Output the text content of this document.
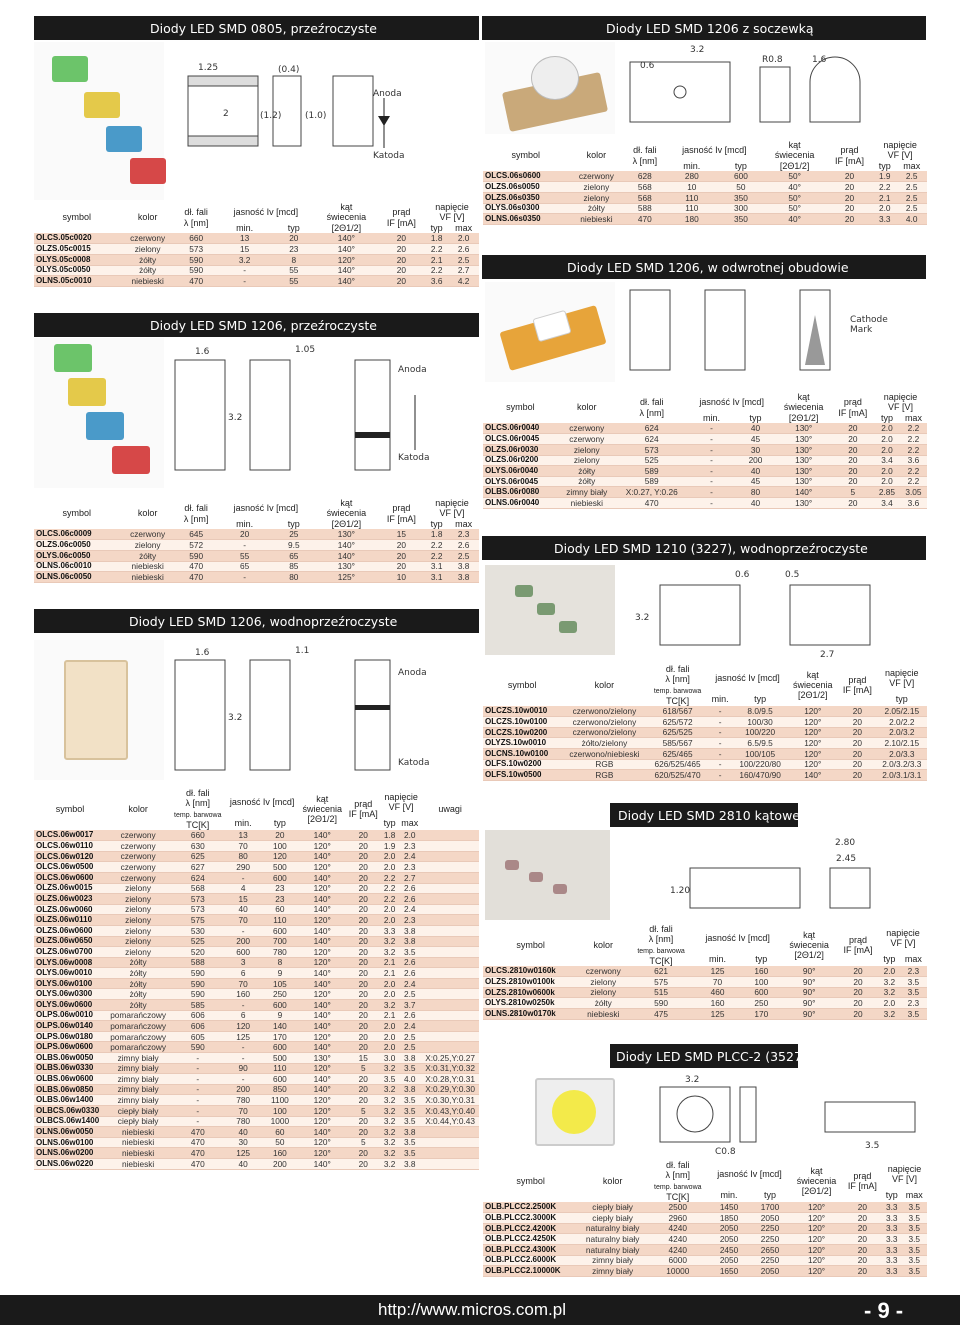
Diody LED SMD 0805, przeźroczyste
1.25
2
(0.4)
(1.2)	(1.0)
Anoda
Katoda
symbol	kolor	dł. fali
λ [nm]	jasność Iv [mcd]		kąt
świecenia
[2Θ1/2]	prąd
IF [mA]	napięcie
VF [V]	
			min.	typ			typ	max
OLCS.05c0020	czerwony	660	13	20	140°	20	1.8	2.0
OLZS.05c0015	zielony	573	15	23	140°	20	2.2	2.6
OLYS.05c0008	żółty	590	3.2	8	120°	20	2.1	2.5
OLYS.05c0050	żółty	590	-	55	140°	20	2.2	2.7
OLNS.05c0010	niebieski	470	-	55	140°	20	3.6	4.2
Diody LED SMD 1206, przeźroczyste
1.6	1.05
Anoda
Katoda
3.2
symbol	kolor	dł. fali
λ [nm]	jasność Iv [mcd]		kąt
świecenia
[2Θ1/2]	prąd
IF [mA]	napięcie
VF [V]	
			min.	typ			typ	max
OLCS.06c0009	czerwony	645	20	25	130°	15	1.8	2.3
OLZS.06c0050	zielony	572	-	9.5	140°	20	2.2	2.6
OLYS.06c0050	żółty	590	55	65	140°	20	2.2	2.5
OLNS.06c0010	niebieski	470	65	85	130°	20	3.1	3.8
OLNS.06c0050	niebieski	470	-	80	125°	10	3.1	3.8
Diody LED SMD 1206, wodnoprzeźroczyste
1.6	1.1
Anoda
Katoda
3.2
symbol	kolor	dł. fali
λ [nm]
temp. barwowa
TC[K]	jasność Iv [mcd]		kąt
świecenia
[2Θ1/2]	prąd
IF [mA]	napięcie
VF [V]		uwagi
			min.	typ			typ	max	
OLCS.06w0017	czerwony	660	13	20	140°	20	1.8	2.0	
OLCS.06w0110	czerwony	630	70	100	120°	20	1.9	2.3	
OLCS.06w0120	czerwony	625	80	120	140°	20	2.0	2.4	
OLCS.06w0500	czerwony	627	290	500	120°	20	2.0	2.3	
OLCS.06w0600	czerwony	624	-	600	140°	20	2.2	2.7	
OLZS.06w0015	zielony	568	4	23	120°	20	2.2	2.6	
OLZS.06w0023	zielony	573	15	23	140°	20	2.2	2.6	
OLZS.06w0060	zielony	573	40	60	140°	20	2.0	2.4	
OLZS.06w0110	zielony	575	70	110	120°	20	2.0	2.3	
OLZS.06w0600	zielony	530	-	600	140°	20	3.3	3.8	
OLZS.06w0650	zielony	525	200	700	140°	20	3.2	3.8	
OLZS.06w0700	zielony	520	600	780	120°	20	3.2	3.5	
OLYS.06w0008	żółty	588	3	8	120°	20	2.1	2.6	
OLYS.06w0010	żółty	590	6	9	140°	20	2.1	2.6	
OLYS.06w0100	żółty	590	70	105	140°	20	2.0	2.4	
OLYS.06w0300	żółty	590	160	250	120°	20	2.0	2.5	
OLYS.06w0600	żółty	585	-	600	140°	20	3.2	3.7	
OLPS.06w0010	pomarańczowy	606	6	9	140°	20	2.1	2.6	
OLPS.06w0140	pomarańczowy	606	120	140	140°	20	2.0	2.4	
OLPS.06w0180	pomarańczowy	605	125	170	120°	20	2.0	2.5	
OLPS.06w0600	pomarańczowy	590	-	600	140°	20	2.0	2.5	
OLBS.06w0050	zimny biały	-	-	500	130°	15	3.0	3.8	X:0.25,Y:0.27
OLBS.06w0330	zimny biały	-	90	110	120°	5	3.2	3.5	X:0.31,Y:0.32
OLBS.06w0600	zimny biały	-	-	600	140°	20	3.5	4.0	X:0.28,Y:0.31
OLBS.06w0850	zimny biały	-	200	850	140°	20	3.2	3.8	X:0.29,Y:0.30
OLBS.06w1400	zimny biały	-	780	1100	120°	20	3.2	3.5	X:0.30,Y:0.31
OLBCS.06w0330	ciepły biały	-	70	100	120°	5	3.2	3.5	X:0.43,Y:0.40
OLBCS.06w1400	ciepły biały	-	780	1000	120°	20	3.2	3.5	X:0.44,Y:0.43
OLNS.06w0050	niebieski	470	40	60	140°	20	3.2	3.8	
OLNS.06w0100	niebieski	470	30	50	120°	5	3.2	3.5	
OLNS.06w0200	niebieski	470	125	160	120°	20	3.2	3.5	
OLNS.06w0220	niebieski	470	40	200	140°	20	3.2	3.8	
Diody LED SMD 1206 z soczewką
3.2
0.6
R0.8	1.6
symbol	kolor	dł. fali
λ [nm]	jasność Iv [mcd]		kąt
świecenia
[2Θ1/2]	prąd
IF [mA]	napięcie
VF [V]	
			min.	typ			typ	max
OLCS.06s0600	czerwony	628	280	600	50°	20	1.9	2.5
OLZS.06s0050	zielony	568	10	50	40°	20	2.2	2.5
OLZS.06s0350	zielony	568	110	350	50°	20	2.1	2.5
OLYS.06s0300	żółty	588	110	300	50°	20	2.0	2.5
OLNS.06s0350	niebieski	470	180	350	40°	20	3.3	4.0
Diody LED SMD 1206, w odwrotnej obudowie
Cathode
Mark
symbol	kolor	dł. fali
λ [nm]	jasność Iv [mcd]		kąt
świecenia
[2Θ1/2]	prąd
IF [mA]	napięcie
VF [V]	
			min.	typ			typ	max
OLCS.06r0040	czerwony	624	-	40	130°	20	2.0	2.2
OLCS.06r0045	czerwony	624	-	45	130°	20	2.0	2.2
OLZS.06r0030	zielony	573	-	30	130°	20	2.0	2.2
OLZS.06r0200	zielony	525	-	200	130°	20	3.4	3.6
OLYS.06r0040	żółty	589	-	40	130°	20	2.0	2.2
OLYS.06r0045	żółty	589	-	45	130°	20	2.0	2.2
OLBS.06r0080	zimny biały	X:0.27, Y:0.26	-	80	140°	5	2.85	3.05
OLNS.06r0040	niebieski	470	-	40	130°	20	3.4	3.6
Diody LED SMD 1210 (3227), wodnoprzeźroczyste
0.6	0.5
3.2
2.7
symbol	kolor	dł. fali
λ [nm]
temp. barwowa
TC[K]	jasność Iv [mcd]		kąt
świecenia
[2Θ1/2]	prąd
IF [mA]	napięcie
VF [V]
			min.	typ			typ
OLCZS.10w0010	czerwono/zielony	618/567	-	8.0/9.5	120°	20	2.05/2.15
OLCZS.10w0100	czerwono/zielony	625/572	-	100/30	120°	20	2.0/2.2
OLCZS.10w0200	czerwono/zielony	625/525	-	100/220	120°	20	2.0/3.2
OLYZS.10w0010	żółto/zielony	585/567	-	6.5/9.5	120°	20	2.10/2.15
OLCNS.10w0100	czerwono/niebieski	625/465	-	100/105	120°	20	2.0/3.3
OLFS.10w0200	RGB	626/525/465	-	100/220/80	120°	20	2.0/3.2/3.3
OLFS.10w0500	RGB	620/525/470	-	160/470/90	140°	20	2.0/3.1/3.1
Diody LED SMD 2810 kątowe
2.80
2.45
1.20
symbol	kolor	dł. fali
λ [nm]
temp. barwowa
TC[K]	jasność Iv [mcd]		kąt
świecenia
[2Θ1/2]	prąd
IF [mA]	napięcie
VF [V]	
			min.	typ			typ	max
OLCS.2810w0160k	czerwony	621	125	160	90°	20	2.0	2.3
OLZS.2810w0100k	zielony	575	70	100	90°	20	3.2	3.5
OLZS.2810w0600k	zielony	515	460	600	90°	20	3.2	3.5
OLYS.2810w0250k	żółty	590	160	250	90°	20	2.0	2.3
OLNS.2810w0170k	niebieski	475	125	170	90°	20	3.2	3.5
Diody LED SMD PLCC-2 (3527)
3.2
C0.8
3.5
symbol	kolor	dł. fali
λ [nm]
temp. barwowa
TC[K]	jasność Iv [mcd]		kąt
świecenia
[2Θ1/2]	prąd
IF [mA]	napięcie
VF [V]	
			min.	typ			typ	max
OLB.PLCC2.2500K	ciepły biały	2500	1450	1700	120°	20	3.3	3.5
OLB.PLCC2.3000K	ciepły biały	2960	1850	2050	120°	20	3.3	3.5
OLB.PLCC2.4200K	naturalny biały	4240	2050	2250	120°	20	3.3	3.5
OLB.PLCC2.4250K	naturalny biały	4240	2050	2250	120°	20	3.3	3.5
OLB.PLCC2.4300K	naturalny biały	4240	2450	2650	120°	20	3.3	3.5
OLB.PLCC2.6000K	zimny biały	6000	2050	2250	120°	20	3.3	3.5
OLB.PLCC2.10000K	zimny biały	10000	1650	2050	120°	20	3.3	3.5
http://www.micros.com.pl	- 9 -
